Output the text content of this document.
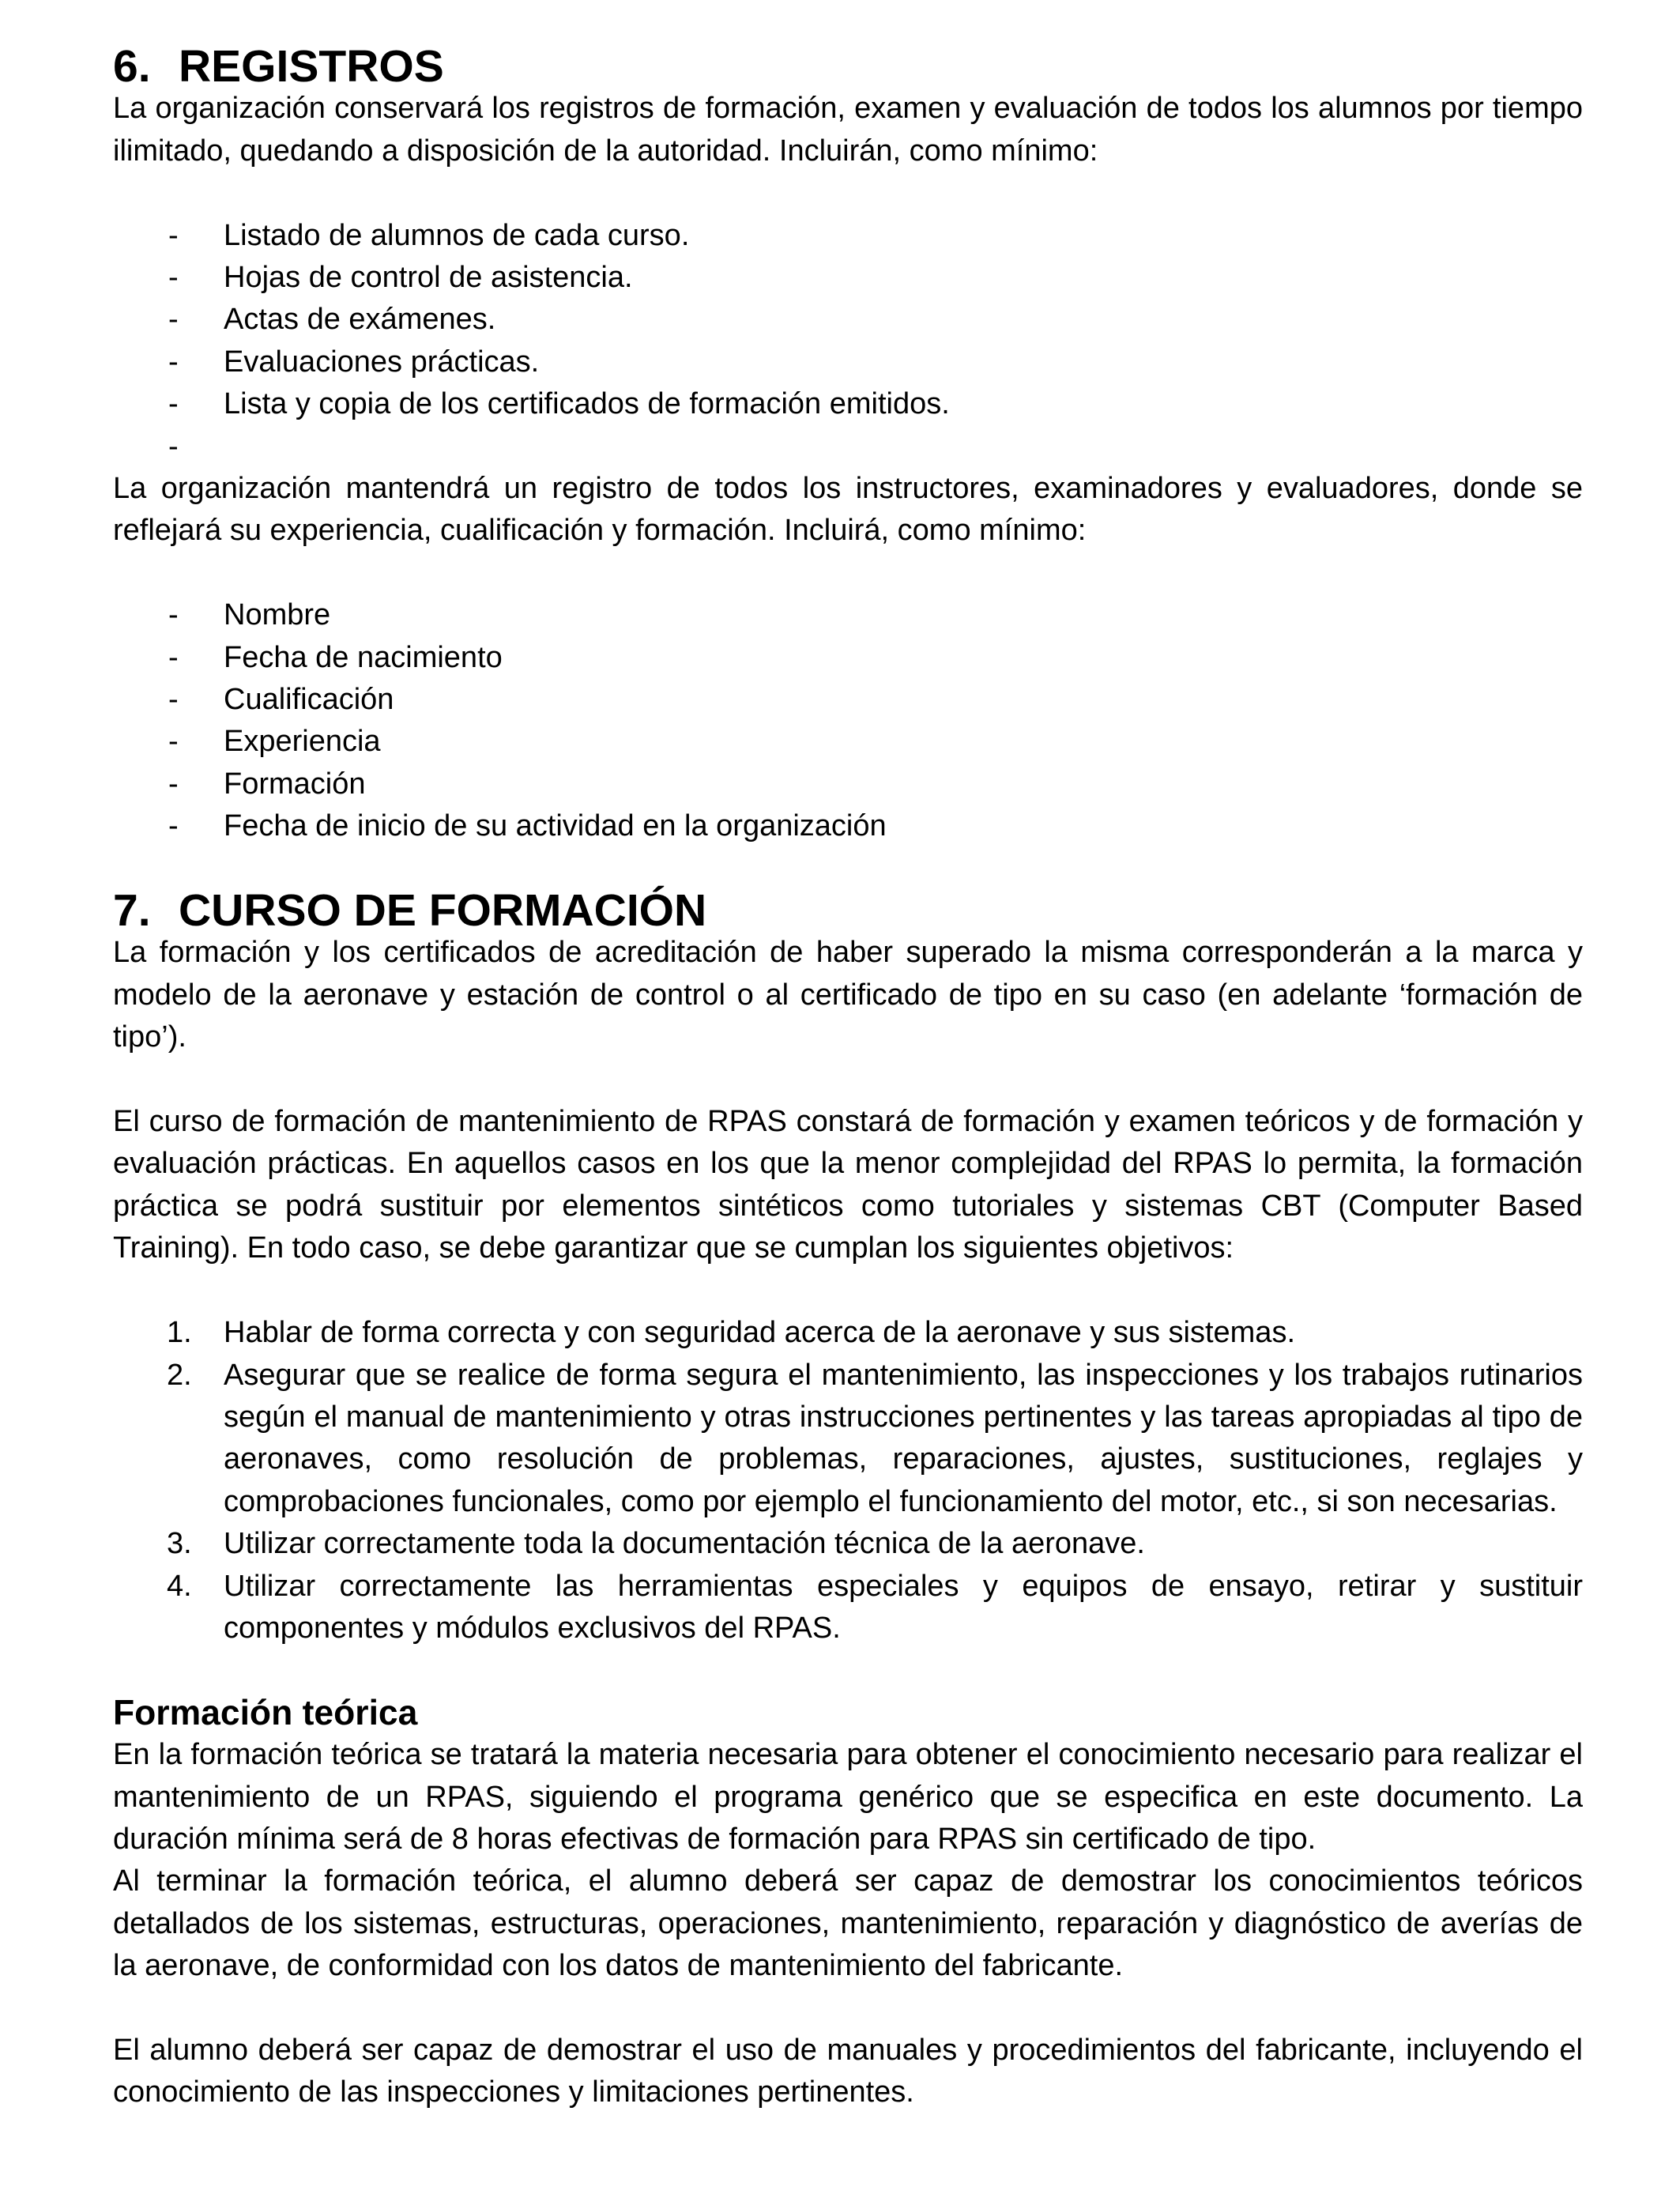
6. REGISTROS

La organización conservará los registros de formación, examen y evaluación de todos los alumnos por tiempo ilimitado, quedando a disposición de la autoridad. Incluirán, como mínimo:

- Listado de alumnos de cada curso.
- Hojas de control de asistencia.
- Actas de exámenes.
- Evaluaciones prácticas.
- Lista y copia de los certificados de formación emitidos.
-

La organización mantendrá un registro de todos los instructores, examinadores y evaluadores, donde se reflejará su experiencia, cualificación y formación. Incluirá, como mínimo:

- Nombre
- Fecha de nacimiento
- Cualificación
- Experiencia
- Formación
- Fecha de inicio de su actividad en la organización
7. CURSO DE FORMACIÓN

La formación y los certificados de acreditación de haber superado la misma corresponderán a la marca y modelo de la aeronave y estación de control o al certificado de tipo en su caso (en adelante ‘formación de tipo’).

El curso de formación de mantenimiento de RPAS constará de formación y examen teóricos y de formación y evaluación prácticas. En aquellos casos en los que la menor complejidad del RPAS lo permita, la formación práctica se podrá sustituir por elementos sintéticos como tutoriales y sistemas CBT (Computer Based Training). En todo caso, se debe garantizar que se cumplan los siguientes objetivos:

1. Hablar de forma correcta y con seguridad acerca de la aeronave y sus sistemas.
2. Asegurar que se realice de forma segura el mantenimiento, las inspecciones y los trabajos rutinarios según el manual de mantenimiento y otras instrucciones pertinentes y las tareas apropiadas al tipo de aeronaves, como resolución de problemas, reparaciones, ajustes, sustituciones, reglajes y comprobaciones funcionales, como por ejemplo el funcionamiento del motor, etc., si son necesarias.
3. Utilizar correctamente toda la documentación técnica de la aeronave.
4. Utilizar correctamente las herramientas especiales y equipos de ensayo, retirar y sustituir componentes y módulos exclusivos del RPAS.
Formación teórica

En la formación teórica se tratará la materia necesaria para obtener el conocimiento necesario para realizar el mantenimiento de un RPAS, siguiendo el programa genérico que se especifica en este documento. La duración mínima será de 8 horas efectivas de formación para RPAS sin certificado de tipo.

Al terminar la formación teórica, el alumno deberá ser capaz de demostrar los conocimientos teóricos detallados de los sistemas, estructuras, operaciones, mantenimiento, reparación y diagnóstico de averías de la aeronave, de conformidad con los datos de mantenimiento del fabricante.

El alumno deberá ser capaz de demostrar el uso de manuales y procedimientos del fabricante, incluyendo el conocimiento de las inspecciones y limitaciones pertinentes.
